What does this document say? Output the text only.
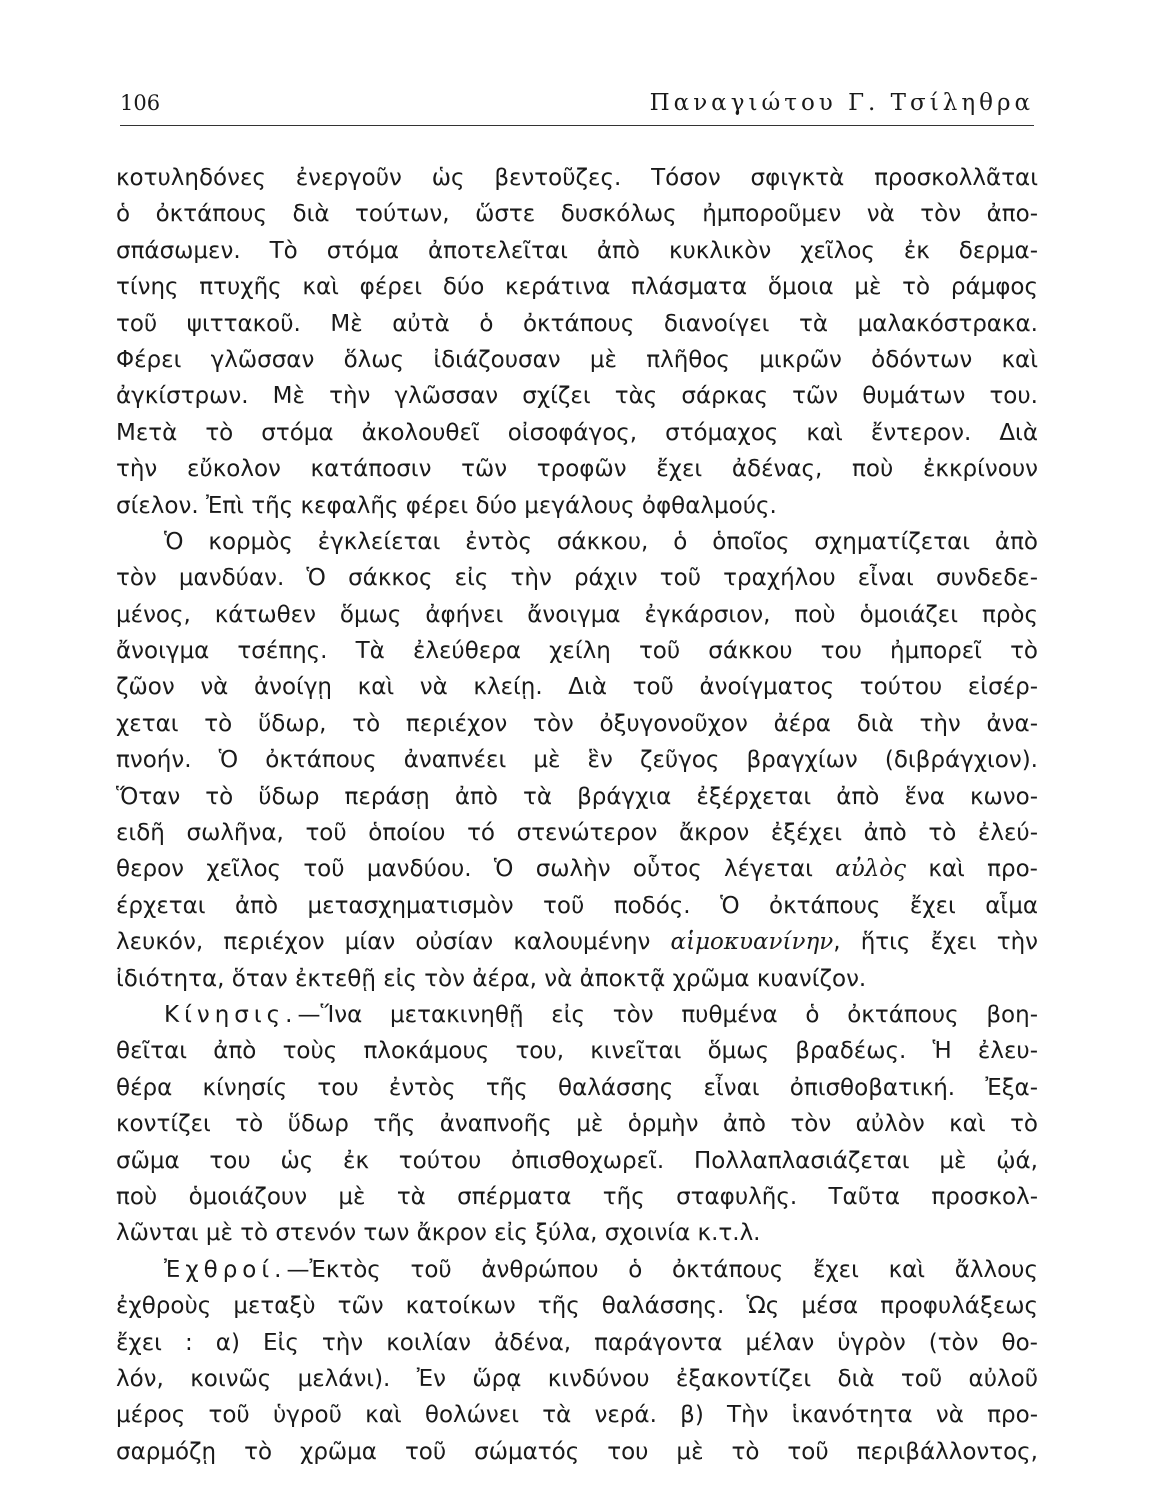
106	Παναγιώτου Γ. Τσίληθρα
κοτυληδόνες ἐνεργοῦν ὡς βεντοῦζες. Τόσον σφιγκτὰ προσκολλᾶται
ὁ ὀκτάπους διὰ τούτων, ὥστε δυσκόλως ἠμποροῦμεν νὰ τὸν ἀπο-
σπάσωμεν. Τὸ στόμα ἀποτελεῖται ἀπὸ κυκλικὸν χεῖλος ἐκ δερμα-
τίνης πτυχῆς καὶ φέρει δύο κεράτινα πλάσματα ὅμοια μὲ τὸ ράμφος
τοῦ ψιττακοῦ. Μὲ αὐτὰ ὁ ὀκτάπους διανοίγει τὰ μαλακόστρακα.
Φέρει γλῶσσαν ὅλως ἰδιάζουσαν μὲ πλῆθος μικρῶν ὀδόντων καὶ
ἀγκίστρων. Μὲ τὴν γλῶσσαν σχίζει τὰς σάρκας τῶν θυμάτων του.
Μετὰ τὸ στόμα ἀκολουθεῖ οἰσοφάγος, στόμαχος καὶ ἔντερον. Διὰ
τὴν εὔκολον κατάποσιν τῶν τροφῶν ἔχει ἀδένας, ποὺ ἐκκρίνουν
σίελον. Ἐπὶ τῆς κεφαλῆς φέρει δύο μεγάλους ὀφθαλμούς.
Ὁ κορμὸς ἐγκλείεται ἐντὸς σάκκου, ὁ ὁποῖος σχηματίζεται ἀπὸ
τὸν μανδύαν. Ὁ σάκκος εἰς τὴν ράχιν τοῦ τραχήλου εἶναι συνδεδε-
μένος, κάτωθεν ὅμως ἀφήνει ἄνοιγμα ἐγκάρσιον, ποὺ ὁμοιάζει πρὸς
ἄνοιγμα τσέπης. Τὰ ἐλεύθερα χείλη τοῦ σάκκου του ἠμπορεῖ τὸ
ζῶον νὰ ἀνοίγῃ καὶ νὰ κλείῃ. Διὰ τοῦ ἀνοίγματος τούτου εἰσέρ-
χεται τὸ ὕδωρ, τὸ περιέχον τὸν ὀξυγονοῦχον ἀέρα διὰ τὴν ἀνα-
πνοήν. Ὁ ὀκτάπους ἀναπνέει μὲ ἓν ζεῦγος βραγχίων (διβράγχιον).
Ὅταν τὸ ὕδωρ περάσῃ ἀπὸ τὰ βράγχια ἐξέρχεται ἀπὸ ἕνα κωνο-
ειδῆ σωλῆνα, τοῦ ὁποίου τό στενώτερον ἄκρον ἐξέχει ἀπὸ τὸ ἐλεύ-
θερον χεῖλος τοῦ μανδύου. Ὁ σωλὴν οὗτος λέγεται αὐλὸς καὶ προ-
έρχεται ἀπὸ μετασχηματισμὸν τοῦ ποδός. Ὁ ὀκτάπους ἔχει αἷμα
λευκόν, περιέχον μίαν οὐσίαν καλουμένην αἱμοκυανίνην, ἥτις ἔχει τὴν
ἰδιότητα, ὅταν ἐκτεθῇ εἰς τὸν ἀέρα, νὰ ἀποκτᾷ χρῶμα κυανίζον.
Κίνησις.—Ἵνα μετακινηθῇ εἰς τὸν πυθμένα ὁ ὀκτάπους βοη-
θεῖται ἀπὸ τοὺς πλοκάμους του, κινεῖται ὅμως βραδέως. Ἡ ἐλευ-
θέρα κίνησίς του ἐντὸς τῆς θαλάσσης εἶναι ὀπισθοβατική. Ἐξα-
κοντίζει τὸ ὕδωρ τῆς ἀναπνοῆς μὲ ὁρμὴν ἀπὸ τὸν αὐλὸν καὶ τὸ
σῶμα του ὡς ἐκ τούτου ὀπισθοχωρεῖ. Πολλαπλασιάζεται μὲ ᾠά,
ποὺ ὁμοιάζουν μὲ τὰ σπέρματα τῆς σταφυλῆς. Ταῦτα προσκολ-
λῶνται μὲ τὸ στενόν των ἄκρον εἰς ξύλα, σχοινία κ.τ.λ.
Ἐχθροί.—Ἐκτὸς τοῦ ἀνθρώπου ὁ ὀκτάπους ἔχει καὶ ἄλλους
ἐχθροὺς μεταξὺ τῶν κατοίκων τῆς θαλάσσης. Ὡς μέσα προφυλάξεως
ἔχει : α) Εἰς τὴν κοιλίαν ἀδένα, παράγοντα μέλαν ὑγρὸν (τὸν θο-
λόν, κοινῶς μελάνι). Ἐν ὥρᾳ κινδύνου ἐξακοντίζει διὰ τοῦ αὐλοῦ
μέρος τοῦ ὑγροῦ καὶ θολώνει τὰ νερά. β) Τὴν ἱκανότητα νὰ προ-
σαρμόζῃ τὸ χρῶμα τοῦ σώματός του μὲ τὸ τοῦ περιβάλλοντος,
